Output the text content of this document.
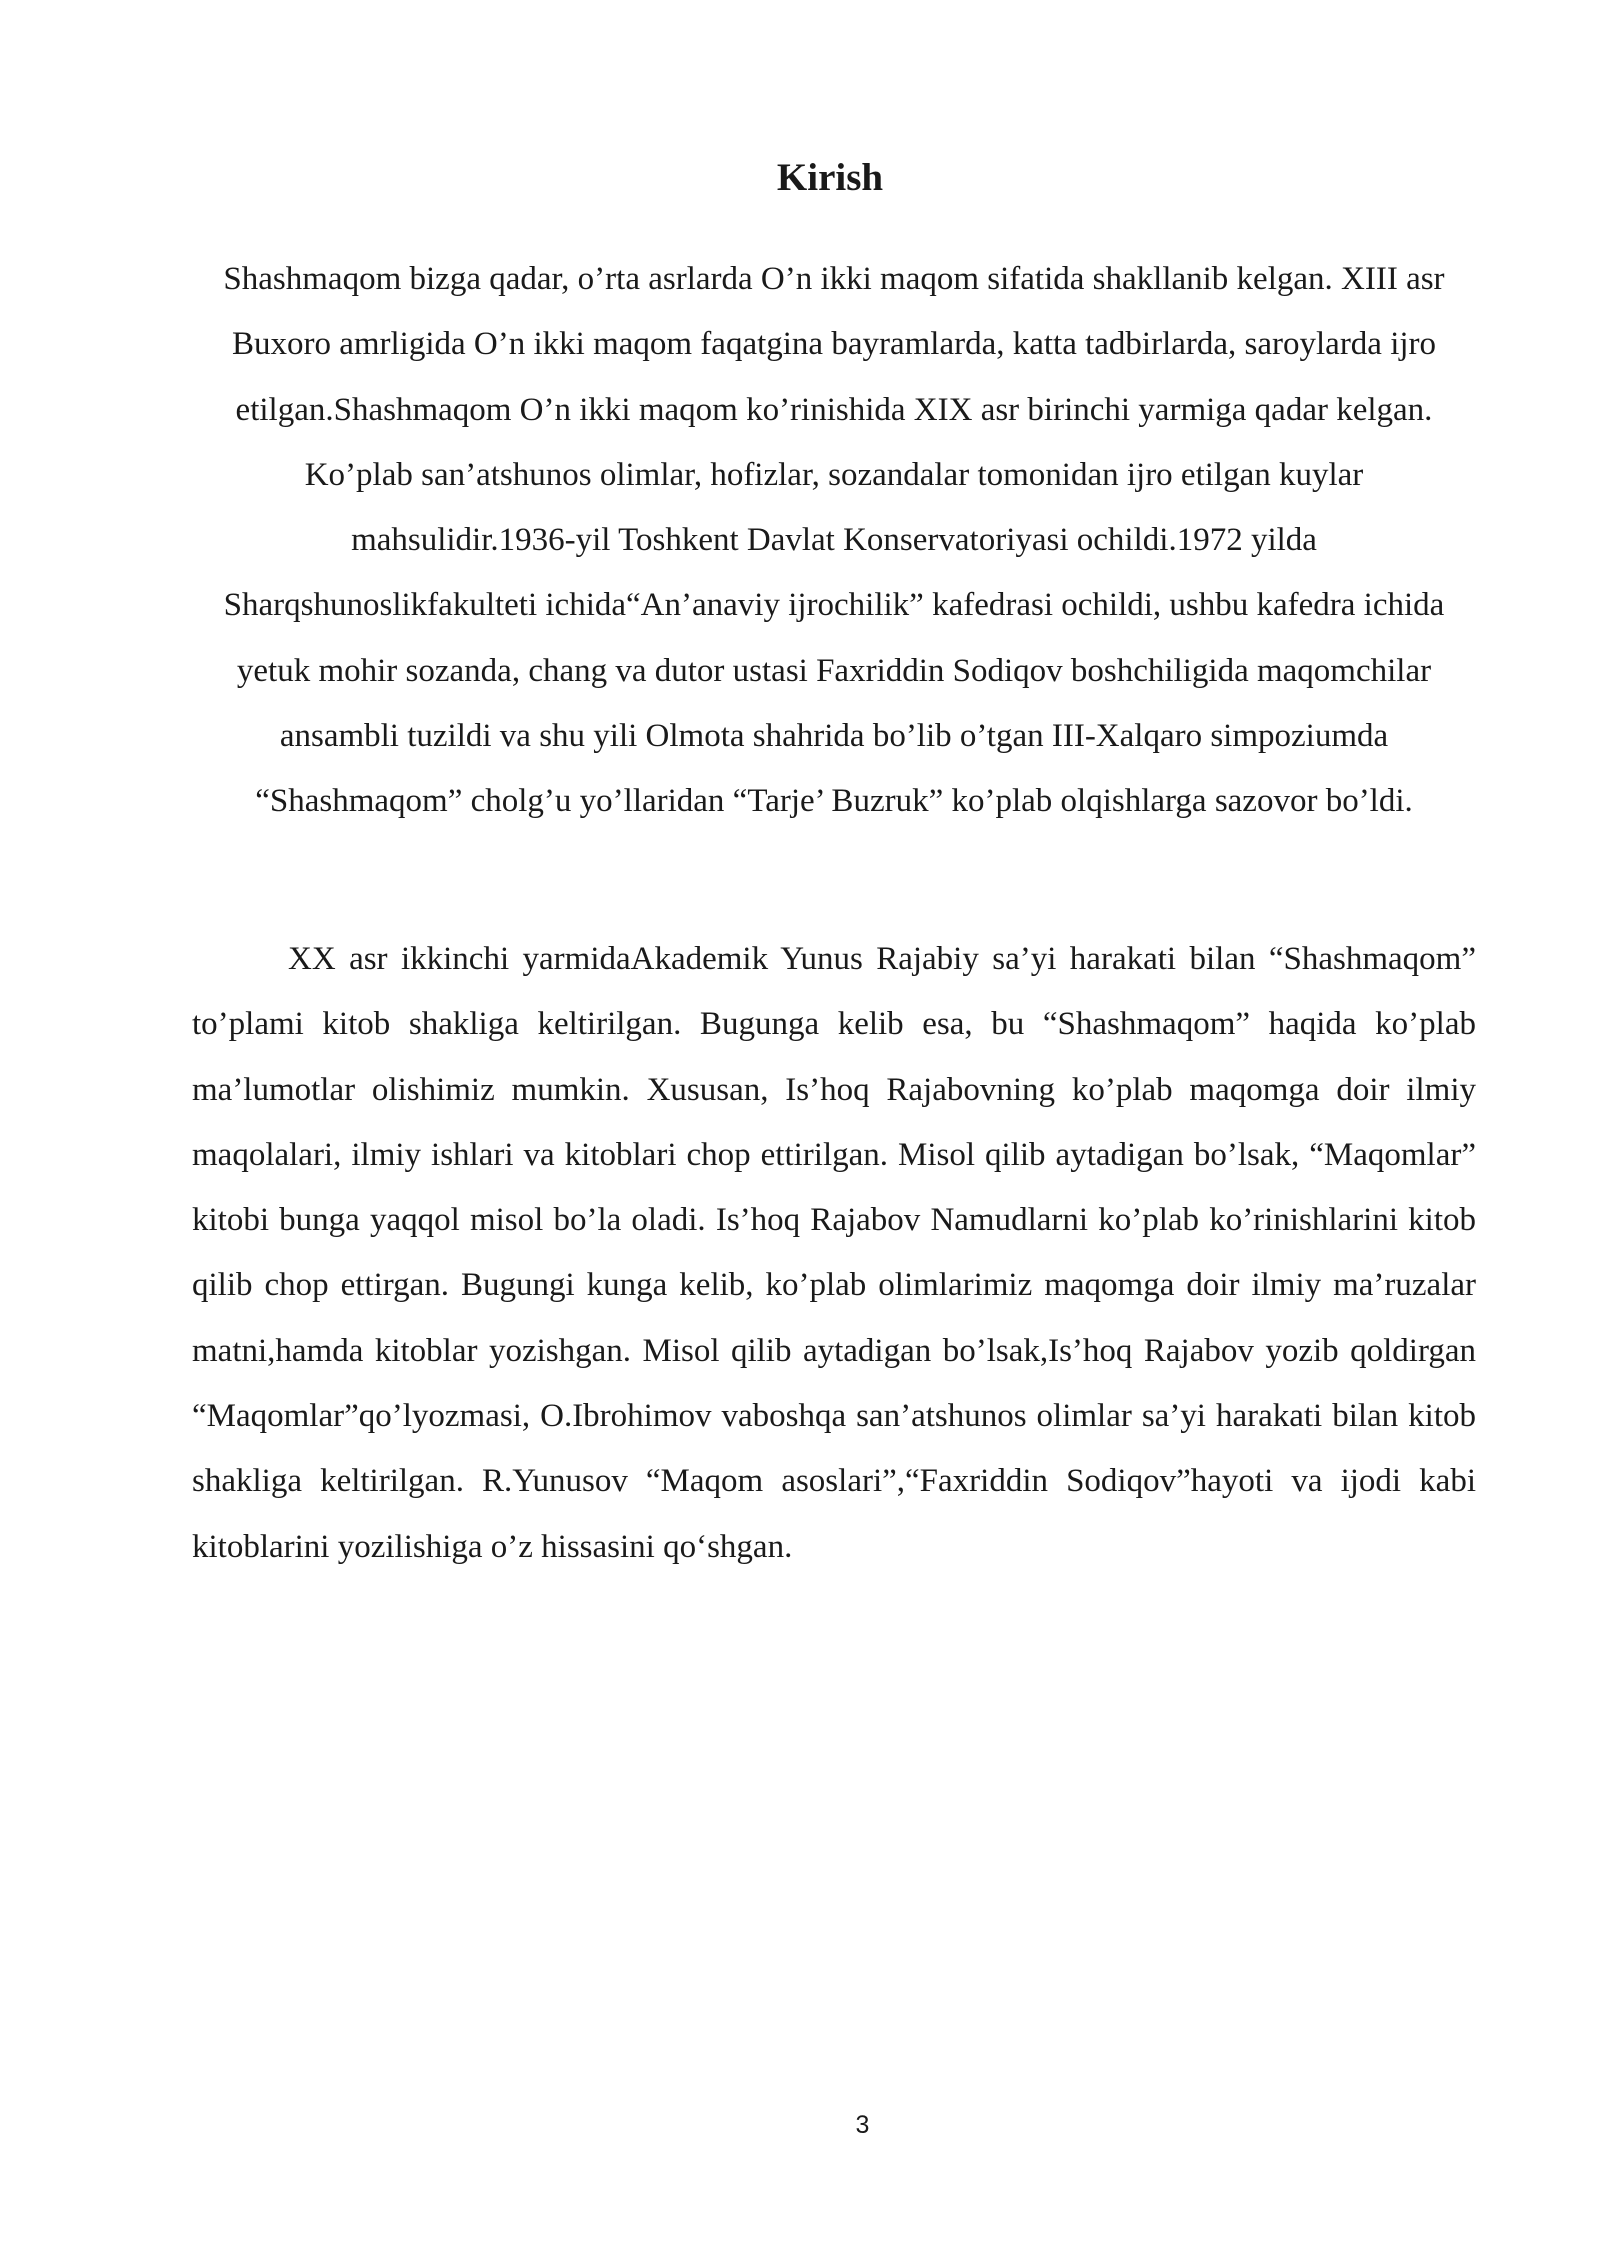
Kirish

Shashmaqom bizga qadar, o’rta asrlarda O’n ikki maqom sifatida shakllanib kelgan. XIII asr Buxoro amrligida O’n ikki maqom faqatgina bayramlarda, katta tadbirlarda, saroylarda ijro etilgan.Shashmaqom O’n ikki maqom ko’rinishida XIX asr birinchi yarmiga qadar kelgan. Ko’plab san’atshunos olimlar, hofizlar, sozandalar tomonidan ijro etilgan kuylar mahsulidir.1936-yil Toshkent Davlat Konservatoriyasi ochildi.1972 yilda Sharqshunoslikfakulteti ichida“An’anaviy ijrochilik” kafedrasi ochildi, ushbu kafedra ichida yetuk mohir sozanda, chang va dutor ustasi Faxriddin Sodiqov boshchiligida maqomchilar ansambli tuzildi va shu yili Olmota shahrida bo’lib o’tgan III-Xalqaro simpoziumda “Shashmaqom” cholg’u yo’llaridan “Tarje’ Buzruk” ko’plab olqishlarga sazovor bo’ldi.

XX asr ikkinchi yarmidaAkademik Yunus Rajabiy sa’yi harakati bilan “Shashmaqom” to’plami kitob shakliga keltirilgan. Bugunga kelib esa, bu “Shashmaqom” haqida ko’plab ma’lumotlar olishimiz mumkin. Xususan, Is’hoq Rajabovning ko’plab maqomga doir ilmiy maqolalari, ilmiy ishlari va kitoblari chop ettirilgan. Misol qilib aytadigan bo’lsak, “Maqomlar” kitobi bunga yaqqol misol bo’la oladi. Is’hoq Rajabov Namudlarni ko’plab ko’rinishlarini kitob qilib chop ettirgan. Bugungi kunga kelib, ko’plab olimlarimiz maqomga doir ilmiy ma’ruzalar matni,hamda kitoblar yozishgan. Misol qilib aytadigan bo’lsak,Is’hoq Rajabov yozib qoldirgan “Maqomlar”qo’lyozmasi, O.Ibrohimov vaboshqa san’atshunos olimlar sa’yi harakati bilan kitob shakliga keltirilgan. R.Yunusov “Maqom asoslari”,“Faxriddin Sodiqov”hayoti va ijodi kabi kitoblarini yozilishiga o’z hissasini qo‘shgan.

3
